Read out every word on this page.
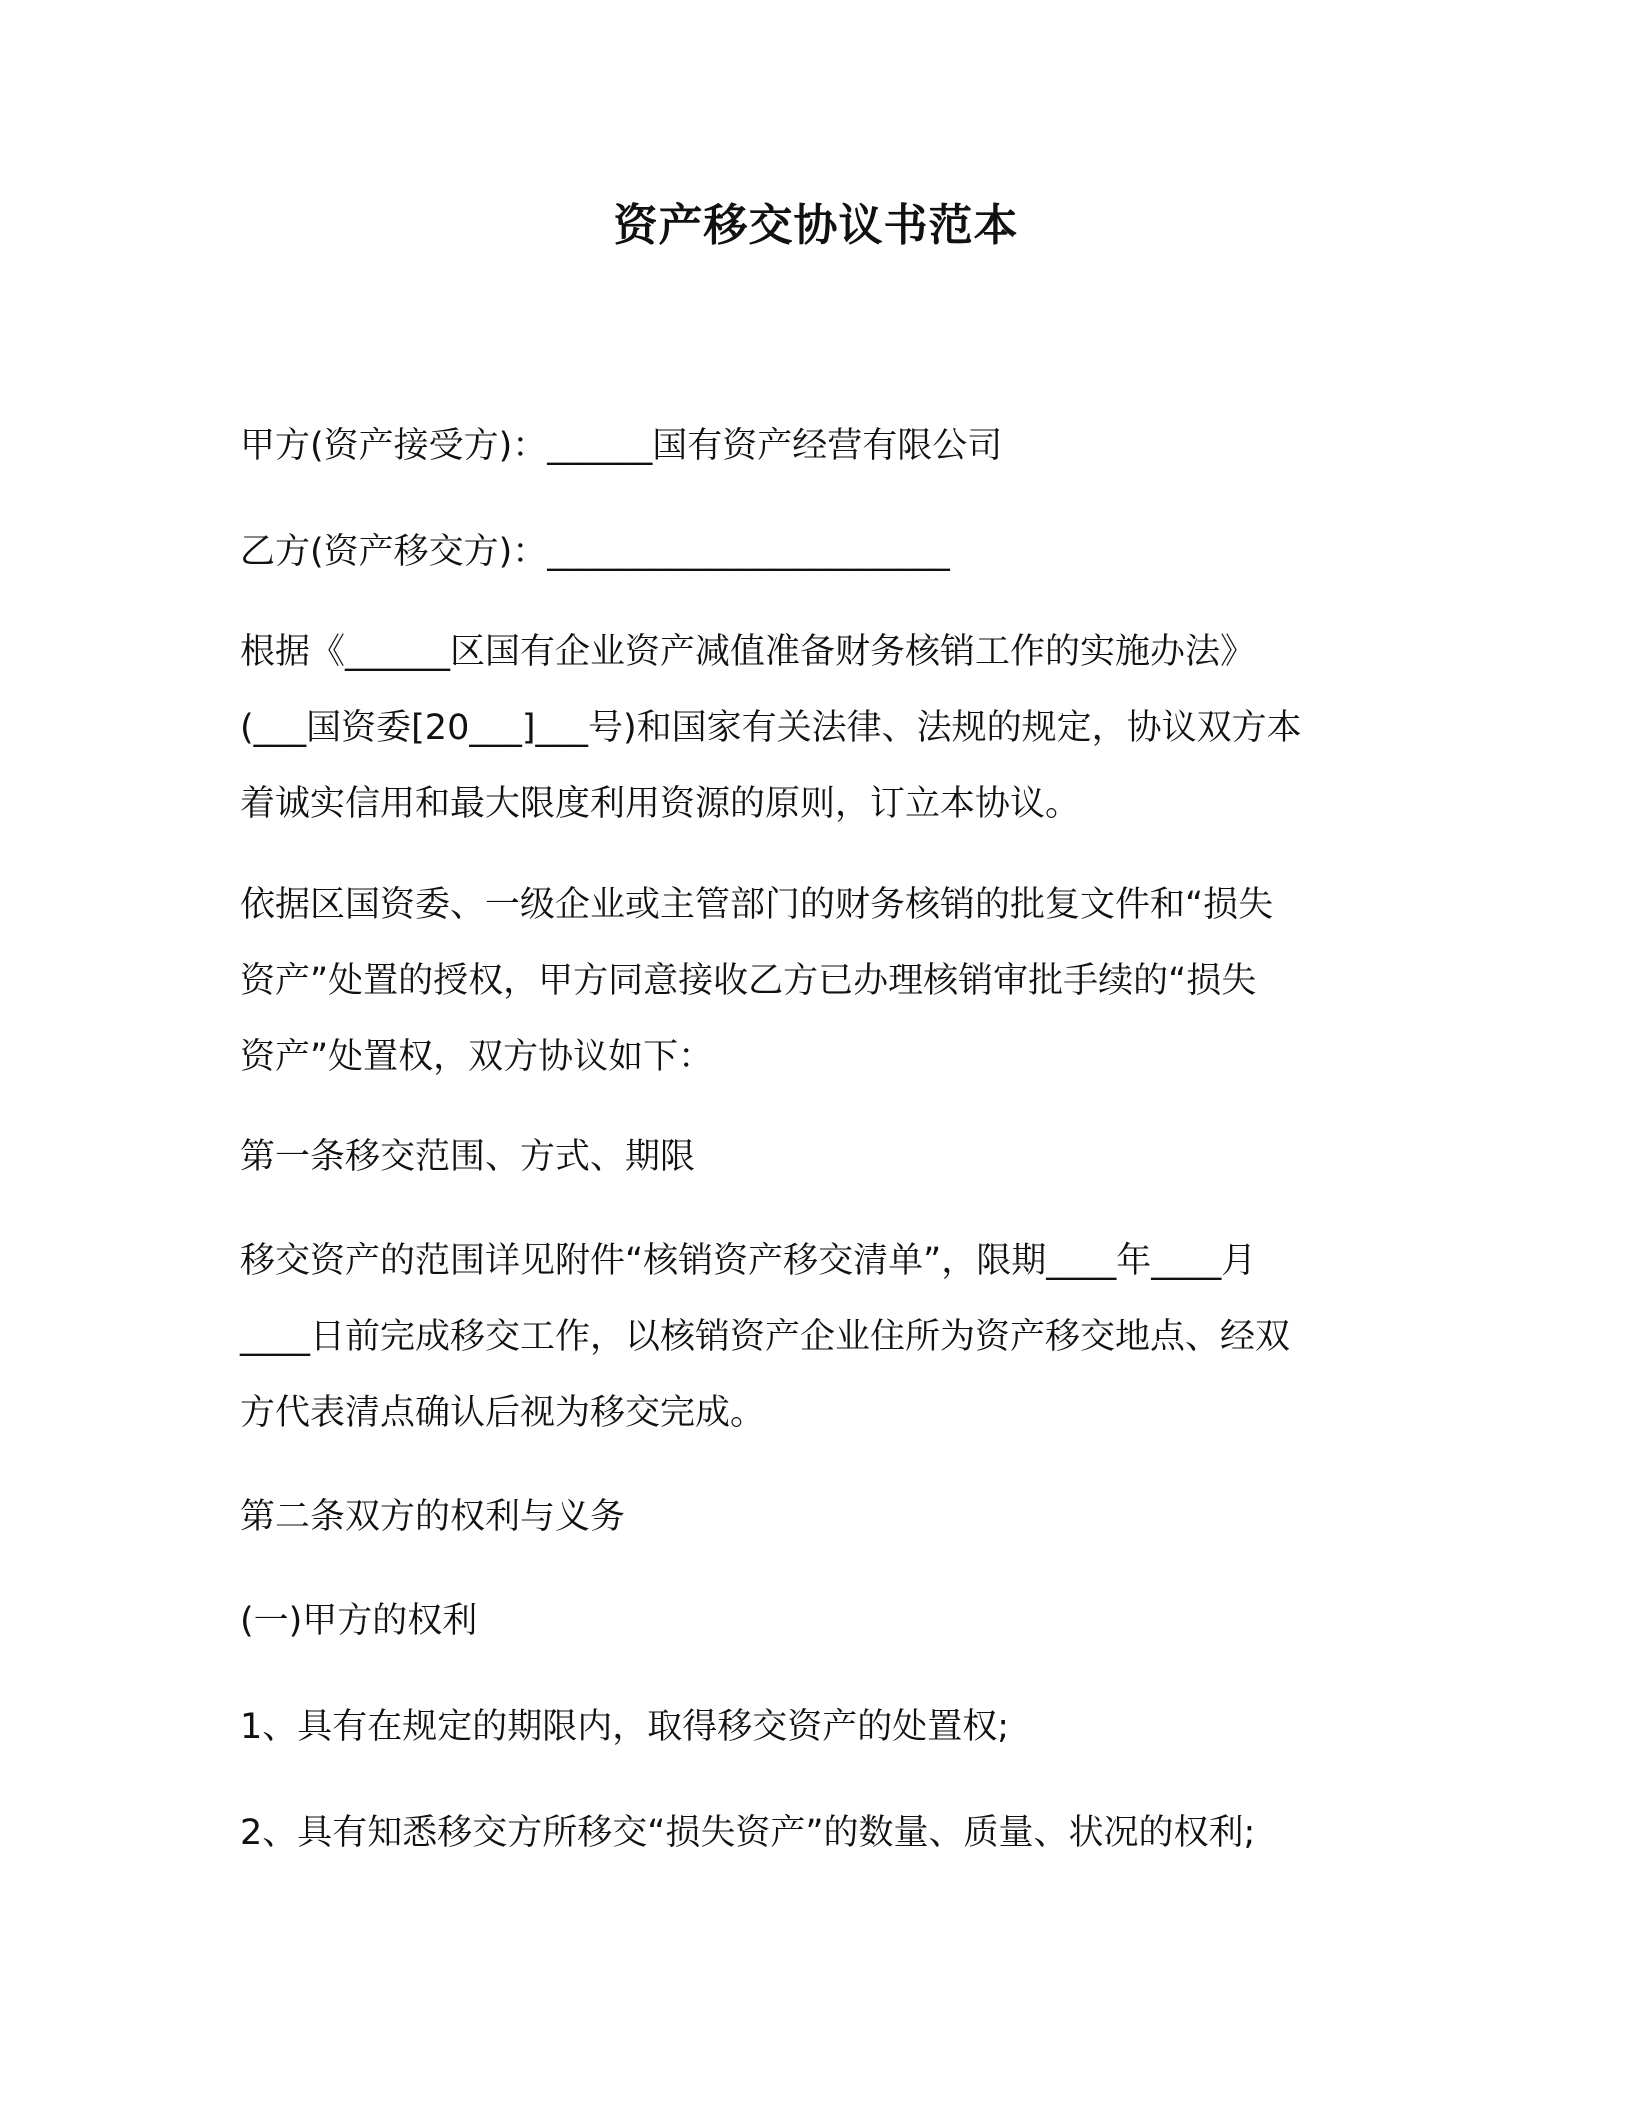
资产移交协议书范本

甲方(资产接受方)：______国有资产经营有限公司

乙方(资产移交方)：_______________________

根据《______区国有企业资产减值准备财务核销工作的实施办法》

(___国资委[20___]___号)和国家有关法律、法规的规定，协议双方本

着诚实信用和最大限度利用资源的原则，订立本协议。

依据区国资委、一级企业或主管部门的财务核销的批复文件和“损失

资产”处置的授权，甲方同意接收乙方已办理核销审批手续的“损失

资产”处置权，双方协议如下：

第一条移交范围、方式、期限

移交资产的范围详见附件“核销资产移交清单”，限期____年____月

____日前完成移交工作，以核销资产企业住所为资产移交地点、经双

方代表清点确认后视为移交完成。

第二条双方的权利与义务

(一)甲方的权利

1、具有在规定的期限内，取得移交资产的处置权;

2、具有知悉移交方所移交“损失资产”的数量、质量、状况的权利;
